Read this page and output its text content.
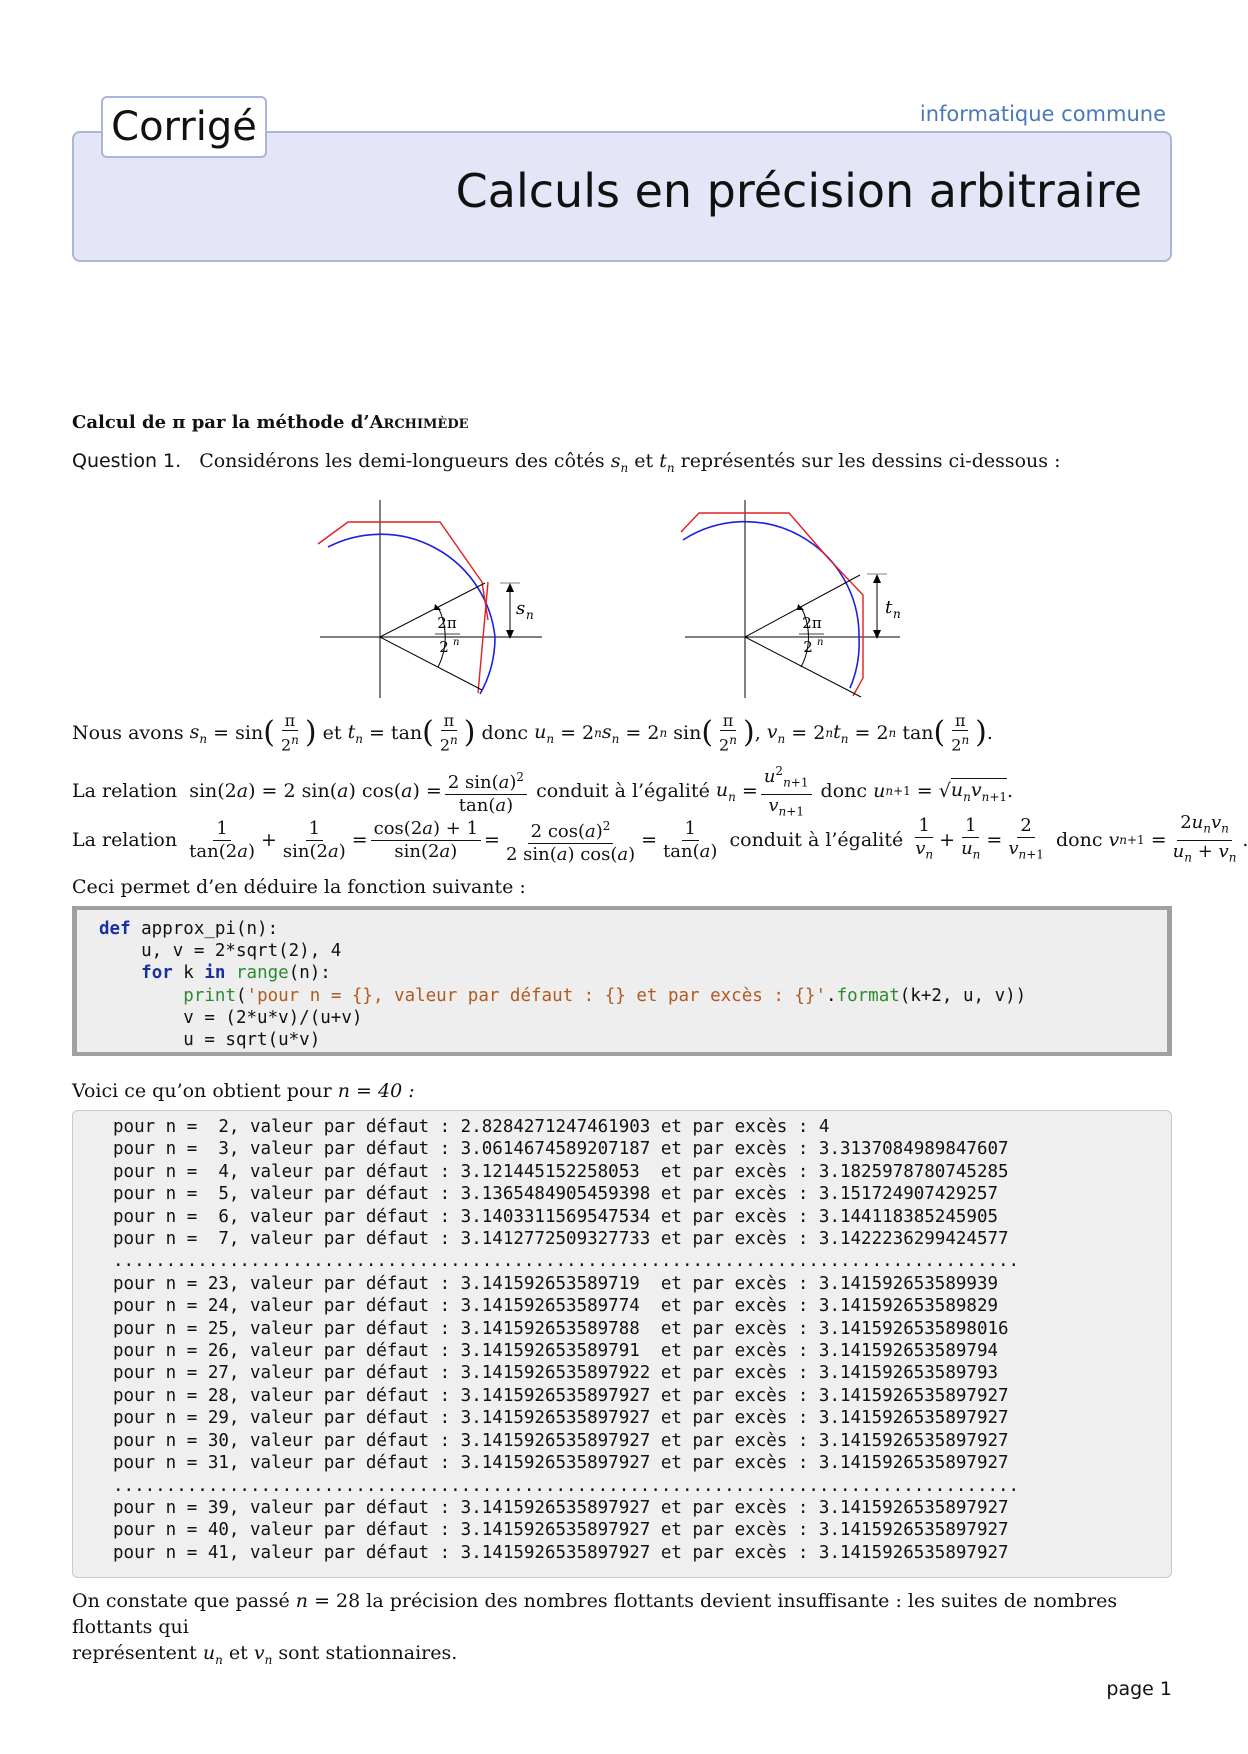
Corrigé	informatique commune
Calculs en précision arbitraire
Calcul de π par la méthode d’Archimède
Question 1. Considérons les demi-longueurs des côtés $s_n$ et $t_n$ représentés sur les dessins ci-dessous :
2π
2 n
s n	2π
2 n
t n
Nous avons
$s_n = \sin$ ( $\frac{\pi}{2^n}$ )
et
$t_n = \tan$ ( $\frac{\pi}{2^n}$ )
donc
$u_n = 2$ n $s_n = 2$ n sin ( $\frac{\pi}{2^n}$ ) , $v_n = 2$ n $t_n = 2$ n tan ( $\frac{\pi}{2^n}$ ) .
La relation sin(2 a ) = 2 sin( a ) cos( a ) = $\frac{2 \sin(a)^2}{\tan(a)}$
conduit à l’égalité
$u_n = \frac{u^2_{n+1}}{v_{n+1}}$
donc
u n+1 = √ $u_nv_{n+1}$ .
La relation
$\frac{1}{\tan(2a)} + \frac{1}{\sin(2a)} = \frac{\cos(2a) + 1}{\sin(2a)} = \frac{2 \cos(a)^2}{2 \sin(a) \cos(a)} = \frac{1}{\tan(a)}$
conduit à l’égalité
$\frac{1}{v_n} + \frac{1}{u_n} = \frac{2}{v_{n+1}}$
donc
v $n+1 = \frac{2u_nv_n}{u_n + v_n}$ .
Ceci permet d’en déduire la fonction suivante :
def approx_pi(n):
u, v = 2*sqrt(2), 4
for k in range(n):
print('pour n = {}, valeur par défaut : {} et par excès : {}'.format(k+2, u, v))
v = (2*u*v)/(u+v)
u = sqrt(u*v)
Voici ce qu’on obtient pour n = 40 :
pour n =  2, valeur par défaut : 2.8284271247461903 et par excès : 4
pour n =  3, valeur par défaut : 3.0614674589207187 et par excès : 3.3137084989847607
pour n =  4, valeur par défaut : 3.121445152258053  et par excès : 3.1825978780745285
pour n =  5, valeur par défaut : 3.1365484905459398 et par excès : 3.151724907429257
pour n =  6, valeur par défaut : 3.1403311569547534 et par excès : 3.144118385245905
pour n =  7, valeur par défaut : 3.1412772509327733 et par excès : 3.1422236299424577
......................................................................................
pour n = 23, valeur par défaut : 3.141592653589719  et par excès : 3.141592653589939
pour n = 24, valeur par défaut : 3.141592653589774  et par excès : 3.141592653589829
pour n = 25, valeur par défaut : 3.141592653589788  et par excès : 3.1415926535898016
pour n = 26, valeur par défaut : 3.141592653589791  et par excès : 3.141592653589794
pour n = 27, valeur par défaut : 3.1415926535897922 et par excès : 3.141592653589793
pour n = 28, valeur par défaut : 3.1415926535897927 et par excès : 3.1415926535897927
pour n = 29, valeur par défaut : 3.1415926535897927 et par excès : 3.1415926535897927
pour n = 30, valeur par défaut : 3.1415926535897927 et par excès : 3.1415926535897927
pour n = 31, valeur par défaut : 3.1415926535897927 et par excès : 3.1415926535897927
......................................................................................
pour n = 39, valeur par défaut : 3.1415926535897927 et par excès : 3.1415926535897927
pour n = 40, valeur par défaut : 3.1415926535897927 et par excès : 3.1415926535897927
pour n = 41, valeur par défaut : 3.1415926535897927 et par excès : 3.1415926535897927
On constate que passé n = 28 la précision des nombres flottants devient insuffisante : les suites de nombres flottants qui
représentent $u_n$ et $v_n$ sont stationnaires.
page 1
